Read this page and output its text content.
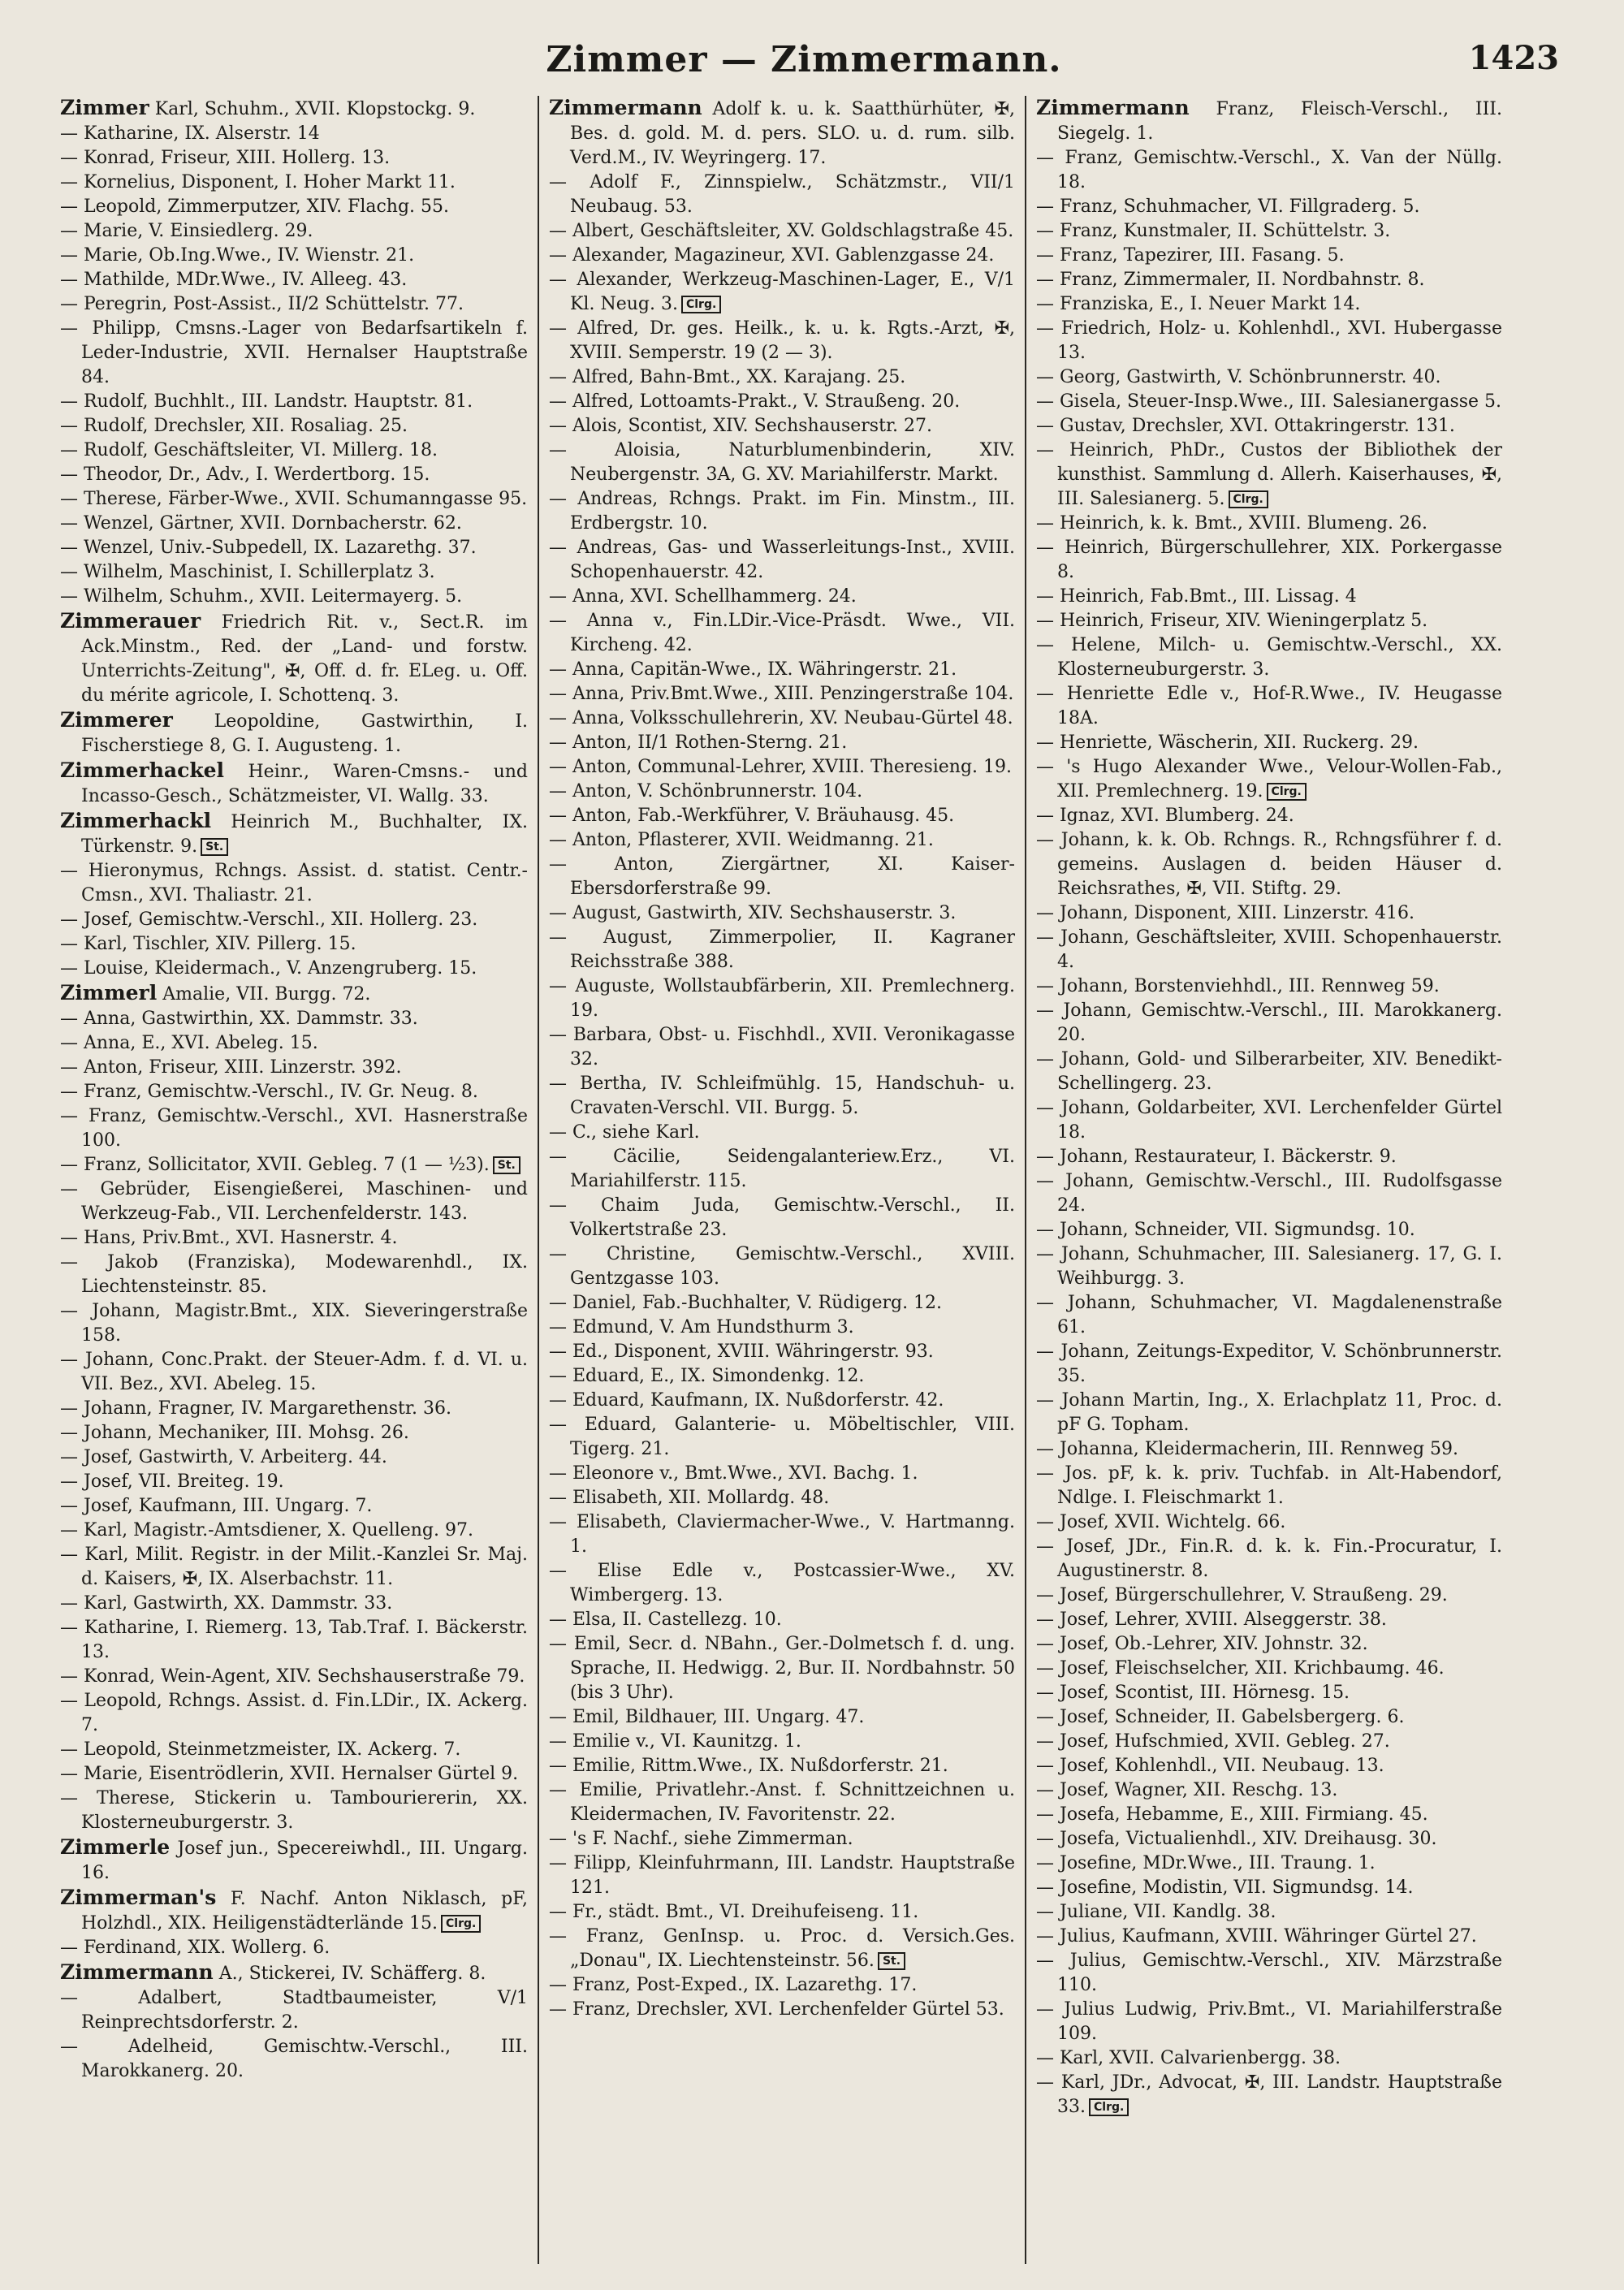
Zimmer — Zimmermann.	1423
Zimmer Karl, Schuhm., XVII. Klopstockg. 9.
— Katharine, IX. Alserstr. 14
— Konrad, Friseur, XIII. Hollerg. 13.
— Kornelius, Disponent, I. Hoher Markt 11.
— Leopold, Zimmerputzer, XIV. Flachg. 55.
— Marie, V. Einsiedlerg. 29.
— Marie, Ob.Ing.Wwe., IV. Wienstr. 21.
— Mathilde, MDr.Wwe., IV. Alleeg. 43.
— Peregrin, Post-Assist., II/2 Schüttelstr. 77.
— Philipp, Cmsns.-Lager von Bedarfsartikeln f. Leder-Industrie, XVII. Hernalser Hauptstraße 84.
— Rudolf, Buchhlt., III. Landstr. Hauptstr. 81.
— Rudolf, Drechsler, XII. Rosaliag. 25.
— Rudolf, Geschäftsleiter, VI. Millerg. 18.
— Theodor, Dr., Adv., I. Werdertborg. 15.
— Therese, Färber-Wwe., XVII. Schumanngasse 95.
— Wenzel, Gärtner, XVII. Dornbacherstr. 62.
— Wenzel, Univ.-Subpedell, IX. Lazarethg. 37.
— Wilhelm, Maschinist, I. Schillerplatz 3.
— Wilhelm, Schuhm., XVII. Leitermayerg. 5.
Zimmerauer Friedrich Rit. v., Sect.R. im Ack.Minstm., Red. der „Land- und forstw. Unterrichts-Zeitung", ✠, Off. d. fr. ELeg. u. Off. du mérite agricole, I. Schottenq. 3.
Zimmerer Leopoldine, Gastwirthin, I. Fischerstiege 8, G. I. Augusteng. 1.
Zimmerhackel Heinr., Waren-Cmsns.- und Incasso-Gesch., Schätzmeister, VI. Wallg. 33.
Zimmerhackl Heinrich M., Buchhalter, IX. Türkenstr. 9. St.
— Hieronymus, Rchngs. Assist. d. statist. Centr.-Cmsn., XVI. Thaliastr. 21.
— Josef, Gemischtw.-Verschl., XII. Hollerg. 23.
— Karl, Tischler, XIV. Pillerg. 15.
— Louise, Kleidermach., V. Anzengruberg. 15.
Zimmerl Amalie, VII. Burgg. 72.
— Anna, Gastwirthin, XX. Dammstr. 33.
— Anna, E., XVI. Abeleg. 15.
— Anton, Friseur, XIII. Linzerstr. 392.
— Franz, Gemischtw.-Verschl., IV. Gr. Neug. 8.
— Franz, Gemischtw.-Verschl., XVI. Hasnerstraße 100.
— Franz, Sollicitator, XVII. Gebleg. 7 (1 — ½3). St.
— Gebrüder, Eisengießerei, Maschinen- und Werkzeug-Fab., VII. Lerchenfelderstr. 143.
— Hans, Priv.Bmt., XVI. Hasnerstr. 4.
— Jakob (Franziska), Modewarenhdl., IX. Liechtensteinstr. 85.
— Johann, Magistr.Bmt., XIX. Sieveringerstraße 158.
— Johann, Conc.Prakt. der Steuer-Adm. f. d. VI. u. VII. Bez., XVI. Abeleg. 15.
— Johann, Fragner, IV. Margarethenstr. 36.
— Johann, Mechaniker, III. Mohsg. 26.
— Josef, Gastwirth, V. Arbeiterg. 44.
— Josef, VII. Breiteg. 19.
— Josef, Kaufmann, III. Ungarg. 7.
— Karl, Magistr.-Amtsdiener, X. Quelleng. 97.
— Karl, Milit. Registr. in der Milit.-Kanzlei Sr. Maj. d. Kaisers, ✠, IX. Alserbachstr. 11.
— Karl, Gastwirth, XX. Dammstr. 33.
— Katharine, I. Riemerg. 13, Tab.Traf. I. Bäckerstr. 13.
— Konrad, Wein-Agent, XIV. Sechshauserstraße 79.
— Leopold, Rchngs. Assist. d. Fin.LDir., IX. Ackerg. 7.
— Leopold, Steinmetzmeister, IX. Ackerg. 7.
— Marie, Eisentrödlerin, XVII. Hernalser Gürtel 9.
— Therese, Stickerin u. Tambouriererin, XX. Klosterneuburgerstr. 3.
Zimmerle Josef jun., Specereiwhdl., III. Ungarg. 16.
Zimmerman's F. Nachf. Anton Niklasch, pF, Holzhdl., XIX. Heiligenstädterlände 15. Clrg.
— Ferdinand, XIX. Wollerg. 6.
Zimmermann A., Stickerei, IV. Schäfferg. 8.
— Adalbert, Stadtbaumeister, V/1 Reinprechtsdorferstr. 2.
— Adelheid, Gemischtw.-Verschl., III. Marokkanerg. 20.
Zimmermann Adolf k. u. k. Saatthürhüter, ✠, Bes. d. gold. M. d. pers. SLO. u. d. rum. silb. Verd.M., IV. Weyringerg. 17.
— Adolf F., Zinnspielw., Schätzmstr., VII/1 Neubaug. 53.
— Albert, Geschäftsleiter, XV. Goldschlagstraße 45.
— Alexander, Magazineur, XVI. Gablenzgasse 24.
— Alexander, Werkzeug-Maschinen-Lager, E., V/1 Kl. Neug. 3. Clrg.
— Alfred, Dr. ges. Heilk., k. u. k. Rgts.-Arzt, ✠, XVIII. Semperstr. 19 (2 — 3).
— Alfred, Bahn-Bmt., XX. Karajang. 25.
— Alfred, Lottoamts-Prakt., V. Straußeng. 20.
— Alois, Scontist, XIV. Sechshauserstr. 27.
— Aloisia, Naturblumenbinderin, XIV. Neubergenstr. 3A, G. XV. Mariahilferstr. Markt.
— Andreas, Rchngs. Prakt. im Fin. Minstm., III. Erdbergstr. 10.
— Andreas, Gas- und Wasserleitungs-Inst., XVIII. Schopenhauerstr. 42.
— Anna, XVI. Schellhammerg. 24.
— Anna v., Fin.LDir.-Vice-Präsdt. Wwe., VII. Kircheng. 42.
— Anna, Capitän-Wwe., IX. Währingerstr. 21.
— Anna, Priv.Bmt.Wwe., XIII. Penzingerstraße 104.
— Anna, Volksschullehrerin, XV. Neubau-Gürtel 48.
— Anton, II/1 Rothen-Sterng. 21.
— Anton, Communal-Lehrer, XVIII. Theresieng. 19.
— Anton, V. Schönbrunnerstr. 104.
— Anton, Fab.-Werkführer, V. Bräuhausg. 45.
— Anton, Pflasterer, XVII. Weidmanng. 21.
— Anton, Ziergärtner, XI. Kaiser-Ebersdorferstraße 99.
— August, Gastwirth, XIV. Sechshauserstr. 3.
— August, Zimmerpolier, II. Kagraner Reichsstraße 388.
— Auguste, Wollstaubfärberin, XII. Premlechnerg. 19.
— Barbara, Obst- u. Fischhdl., XVII. Veronikagasse 32.
— Bertha, IV. Schleifmühlg. 15, Handschuh- u. Cravaten-Verschl. VII. Burgg. 5.
— C., siehe Karl.
— Cäcilie, Seidengalanteriew.Erz., VI. Mariahilferstr. 115.
— Chaim Juda, Gemischtw.-Verschl., II. Volkertstraße 23.
— Christine, Gemischtw.-Verschl., XVIII. Gentzgasse 103.
— Daniel, Fab.-Buchhalter, V. Rüdigerg. 12.
— Edmund, V. Am Hundsthurm 3.
— Ed., Disponent, XVIII. Währingerstr. 93.
— Eduard, E., IX. Simondenkg. 12.
— Eduard, Kaufmann, IX. Nußdorferstr. 42.
— Eduard, Galanterie- u. Möbeltischler, VIII. Tigerg. 21.
— Eleonore v., Bmt.Wwe., XVI. Bachg. 1.
— Elisabeth, XII. Mollardg. 48.
— Elisabeth, Claviermacher-Wwe., V. Hartmanng. 1.
— Elise Edle v., Postcassier-Wwe., XV. Wimbergerg. 13.
— Elsa, II. Castellezg. 10.
— Emil, Secr. d. NBahn., Ger.-Dolmetsch f. d. ung. Sprache, II. Hedwigg. 2, Bur. II. Nordbahnstr. 50 (bis 3 Uhr).
— Emil, Bildhauer, III. Ungarg. 47.
— Emilie v., VI. Kaunitzg. 1.
— Emilie, Rittm.Wwe., IX. Nußdorferstr. 21.
— Emilie, Privatlehr.-Anst. f. Schnittzeichnen u. Kleidermachen, IV. Favoritenstr. 22.
— 's F. Nachf., siehe Zimmerman.
— Filipp, Kleinfuhrmann, III. Landstr. Hauptstraße 121.
— Fr., städt. Bmt., VI. Dreihufeiseng. 11.
— Franz, GenInsp. u. Proc. d. Versich.Ges. „Donau", IX. Liechtensteinstr. 56. St.
— Franz, Post-Exped., IX. Lazarethg. 17.
— Franz, Drechsler, XVI. Lerchenfelder Gürtel 53.
Zimmermann Franz, Fleisch-Verschl., III. Siegelg. 1.
— Franz, Gemischtw.-Verschl., X. Van der Nüllg. 18.
— Franz, Schuhmacher, VI. Fillgraderg. 5.
— Franz, Kunstmaler, II. Schüttelstr. 3.
— Franz, Tapezirer, III. Fasang. 5.
— Franz, Zimmermaler, II. Nordbahnstr. 8.
— Franziska, E., I. Neuer Markt 14.
— Friedrich, Holz- u. Kohlenhdl., XVI. Hubergasse 13.
— Georg, Gastwirth, V. Schönbrunnerstr. 40.
— Gisela, Steuer-Insp.Wwe., III. Salesianergasse 5.
— Gustav, Drechsler, XVI. Ottakringerstr. 131.
— Heinrich, PhDr., Custos der Bibliothek der kunsthist. Sammlung d. Allerh. Kaiserhauses, ✠, III. Salesianerg. 5. Clrg.
— Heinrich, k. k. Bmt., XVIII. Blumeng. 26.
— Heinrich, Bürgerschullehrer, XIX. Porkergasse 8.
— Heinrich, Fab.Bmt., III. Lissag. 4
— Heinrich, Friseur, XIV. Wieningerplatz 5.
— Helene, Milch- u. Gemischtw.-Verschl., XX. Klosterneuburgerstr. 3.
— Henriette Edle v., Hof-R.Wwe., IV. Heugasse 18A.
— Henriette, Wäscherin, XII. Ruckerg. 29.
— 's Hugo Alexander Wwe., Velour-Wollen-Fab., XII. Premlechnerg. 19. Clrg.
— Ignaz, XVI. Blumberg. 24.
— Johann, k. k. Ob. Rchngs. R., Rchngsführer f. d. gemeins. Auslagen d. beiden Häuser d. Reichsrathes, ✠, VII. Stiftg. 29.
— Johann, Disponent, XIII. Linzerstr. 416.
— Johann, Geschäftsleiter, XVIII. Schopenhauerstr. 4.
— Johann, Borstenviehhdl., III. Rennweg 59.
— Johann, Gemischtw.-Verschl., III. Marokkanerg. 20.
— Johann, Gold- und Silberarbeiter, XIV. Benedikt-Schellingerg. 23.
— Johann, Goldarbeiter, XVI. Lerchenfelder Gürtel 18.
— Johann, Restaurateur, I. Bäckerstr. 9.
— Johann, Gemischtw.-Verschl., III. Rudolfsgasse 24.
— Johann, Schneider, VII. Sigmundsg. 10.
— Johann, Schuhmacher, III. Salesianerg. 17, G. I. Weihburgg. 3.
— Johann, Schuhmacher, VI. Magdalenenstraße 61.
— Johann, Zeitungs-Expeditor, V. Schönbrunnerstr. 35.
— Johann Martin, Ing., X. Erlachplatz 11, Proc. d. pF G. Topham.
— Johanna, Kleidermacherin, III. Rennweg 59.
— Jos. pF, k. k. priv. Tuchfab. in Alt-Habendorf, Ndlge. I. Fleischmarkt 1.
— Josef, XVII. Wichtelg. 66.
— Josef, JDr., Fin.R. d. k. k. Fin.-Procuratur, I. Augustinerstr. 8.
— Josef, Bürgerschullehrer, V. Straußeng. 29.
— Josef, Lehrer, XVIII. Alseggerstr. 38.
— Josef, Ob.-Lehrer, XIV. Johnstr. 32.
— Josef, Fleischselcher, XII. Krichbaumg. 46.
— Josef, Scontist, III. Hörnesg. 15.
— Josef, Schneider, II. Gabelsbergerg. 6.
— Josef, Hufschmied, XVII. Gebleg. 27.
— Josef, Kohlenhdl., VII. Neubaug. 13.
— Josef, Wagner, XII. Reschg. 13.
— Josefa, Hebamme, E., XIII. Firmiang. 45.
— Josefa, Victualienhdl., XIV. Dreihausg. 30.
— Josefine, MDr.Wwe., III. Traung. 1.
— Josefine, Modistin, VII. Sigmundsg. 14.
— Juliane, VII. Kandlg. 38.
— Julius, Kaufmann, XVIII. Währinger Gürtel 27.
— Julius, Gemischtw.-Verschl., XIV. Märzstraße 110.
— Julius Ludwig, Priv.Bmt., VI. Mariahilferstraße 109.
— Karl, XVII. Calvarienbergg. 38.
— Karl, JDr., Advocat, ✠, III. Landstr. Hauptstraße 33. Clrg.
